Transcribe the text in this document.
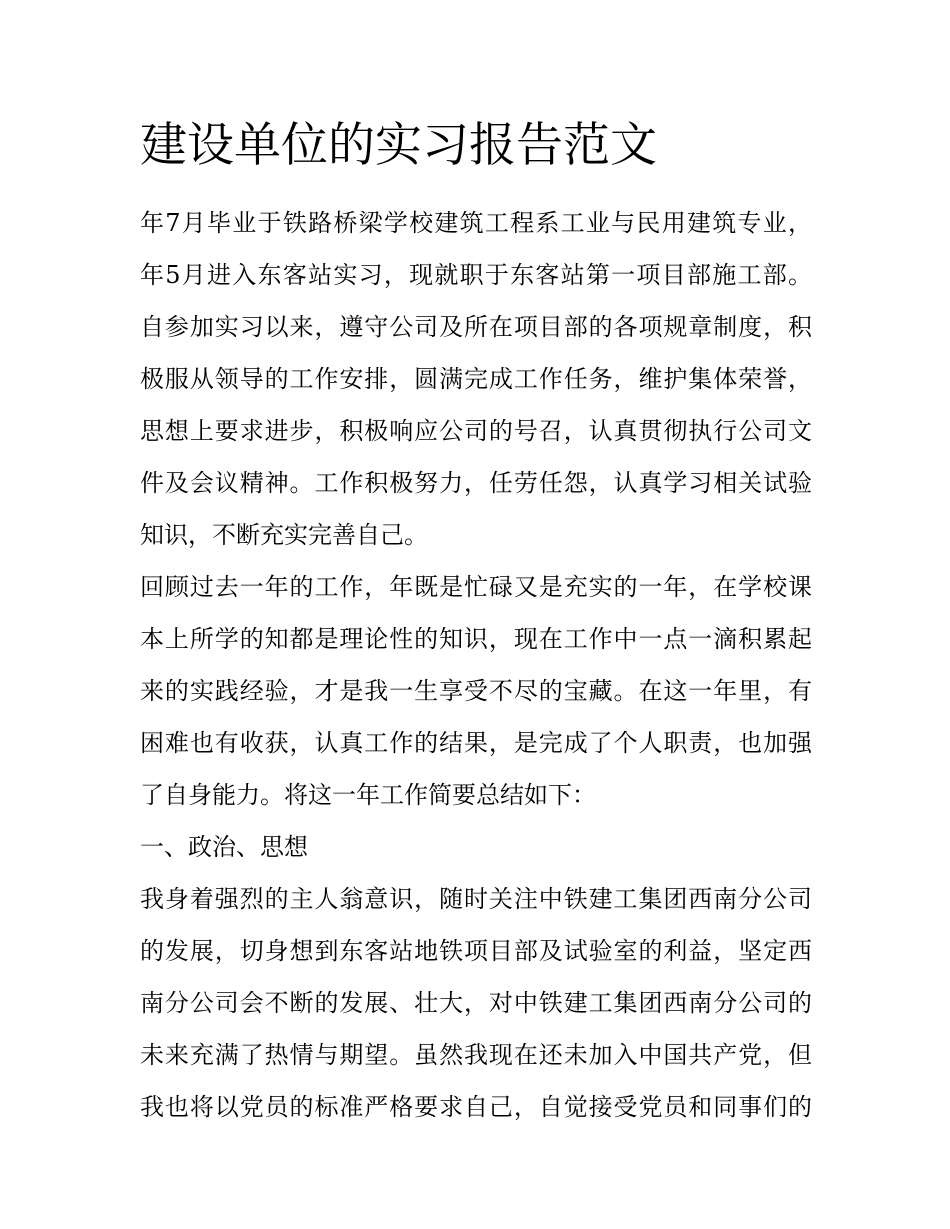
建设单位的实习报告范文
年7月毕业于铁路桥梁学校建筑工程系工业与民用建筑专业，
年5月进入东客站实习，现就职于东客站第一项目部施工部。
自参加实习以来，遵守公司及所在项目部的各项规章制度，积
极服从领导的工作安排，圆满完成工作任务，维护集体荣誉，
思想上要求进步，积极响应公司的号召，认真贯彻执行公司文
件及会议精神。工作积极努力，任劳任怨，认真学习相关试验
知识，不断充实完善自己。
回顾过去一年的工作，年既是忙碌又是充实的一年，在学校课
本上所学的知都是理论性的知识，现在工作中一点一滴积累起
来的实践经验，才是我一生享受不尽的宝藏。在这一年里，有
困难也有收获，认真工作的结果，是完成了个人职责，也加强
了自身能力。将这一年工作简要总结如下：
一、政治、思想
我身着强烈的主人翁意识，随时关注中铁建工集团西南分公司
的发展，切身想到东客站地铁项目部及试验室的利益，坚定西
南分公司会不断的发展、壮大，对中铁建工集团西南分公司的
未来充满了热情与期望。虽然我现在还未加入中国共产党，但
我也将以党员的标准严格要求自己，自觉接受党员和同事们的
